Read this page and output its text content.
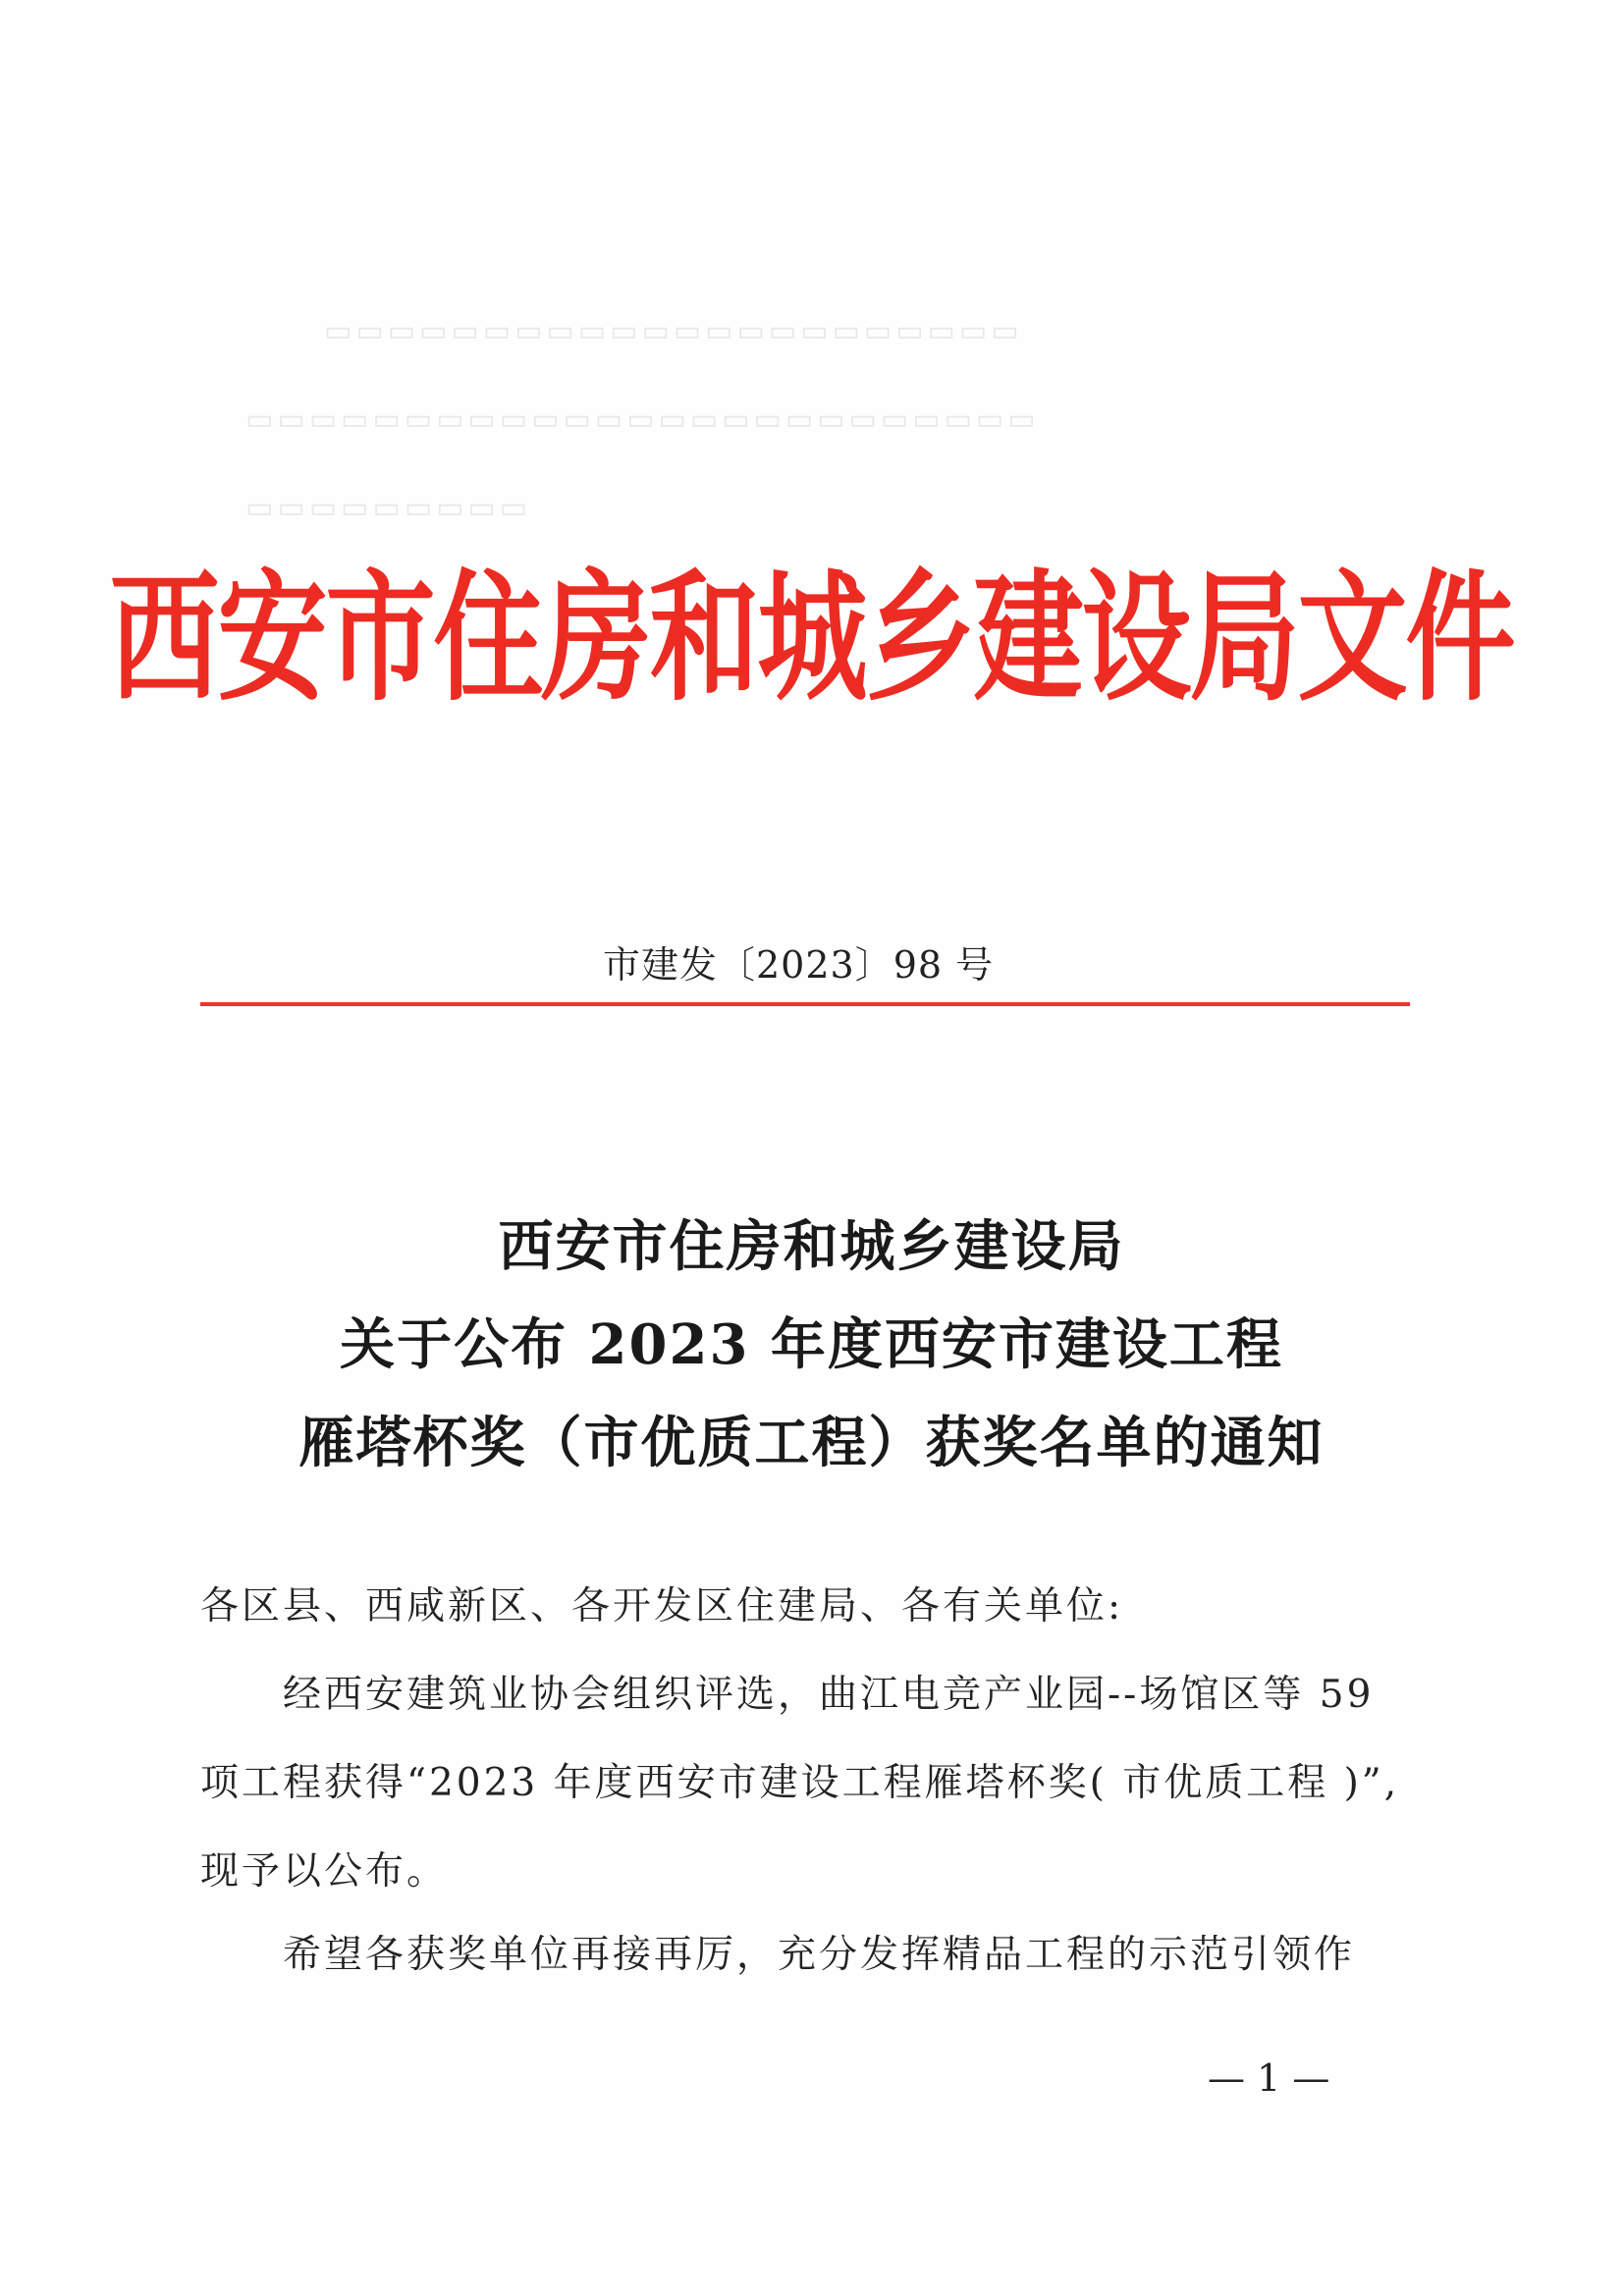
▭▭▭▭▭▭▭▭▭▭▭▭▭▭▭▭▭▭▭▭▭▭
▭▭▭▭▭▭▭▭▭▭▭▭▭▭▭▭▭▭▭▭▭▭▭▭▭
▭▭▭▭▭▭▭▭▭
西安市住房和城乡建设局文件
市建发〔2023〕98 号
西安市住房和城乡建设局
关于公布 2023 年度西安市建设工程
雁塔杯奖（市优质工程）获奖名单的通知
各区县、西咸新区、各开发区住建局、各有关单位:
经西安建筑业协会组织评选，曲江电竞产业园--场馆区等 59
项工程获得“2023 年度西安市建设工程雁塔杯奖( 市优质工程 )”,
现予以公布。
希望各获奖单位再接再厉，充分发挥精品工程的示范引领作
— 1 —
